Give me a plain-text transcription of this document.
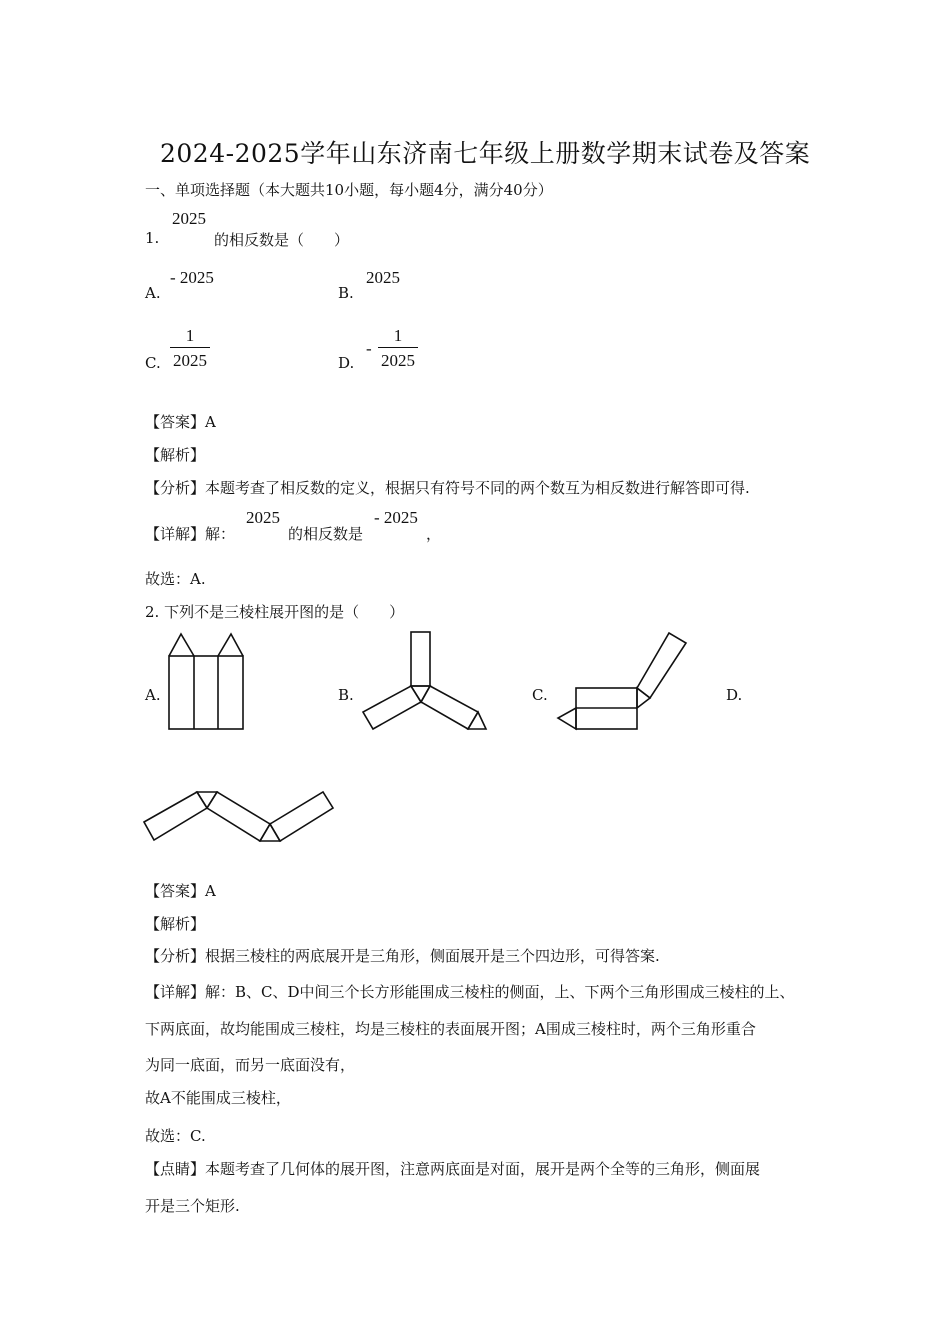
2024-2025学年山东济南七年级上册数学期末试卷及答案
一、单项选择题（本大题共10小题，每小题4分，满分40分）
2025
1.	的相反数是（　　）
A.
- 2025
B.
2025
C.
1
2025	D.
-
1
2025
【答案】A
【解析】
【分析】本题考查了相反数的定义，根据只有符号不同的两个数互为相反数进行解答即可得.
【详解】解：
2025
的相反数是
- 2025
，
故选：A.
2. 下列不是三棱柱展开图的是（　　）
A.	B.	C.	D.
【答案】A
【解析】
【分析】根据三棱柱的两底展开是三角形，侧面展开是三个四边形，可得答案.
【详解】解：B、C、D中间三个长方形能围成三棱柱的侧面，上、下两个三角形围成三棱柱的上、
下两底面，故均能围成三棱柱，均是三棱柱的表面展开图；A围成三棱柱时，两个三角形重合
为同一底面，而另一底面没有，
故A不能围成三棱柱，
故选：C.
【点睛】本题考查了几何体的展开图，注意两底面是对面，展开是两个全等的三角形，侧面展
开是三个矩形.
